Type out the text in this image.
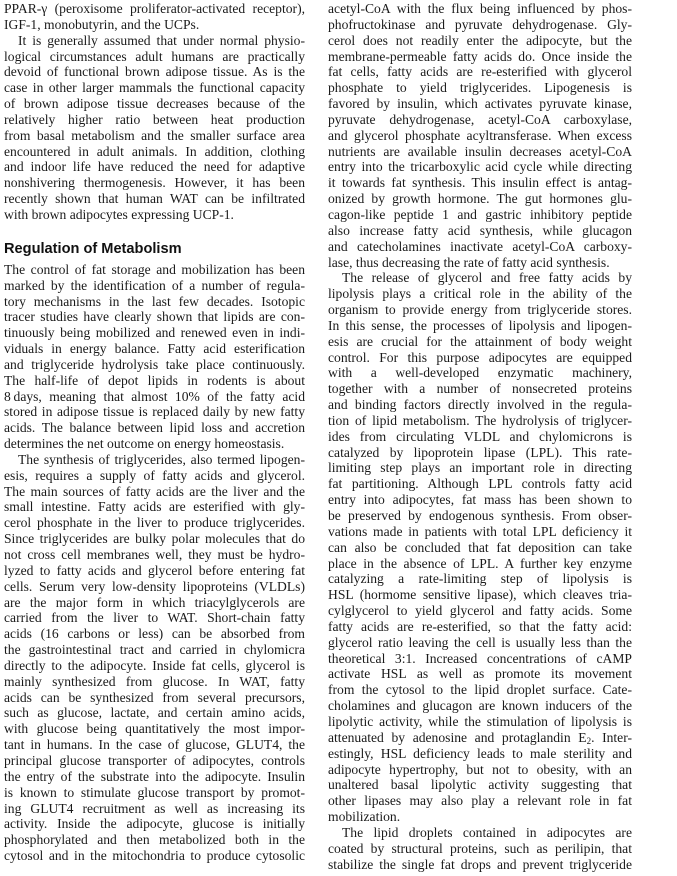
PPAR-γ (peroxisome proliferator-activated receptor),
IGF-1, monobutyrin, and the UCPs.
It is generally assumed that under normal physio-
logical circumstances adult humans are practically
devoid of functional brown adipose tissue. As is the
case in other larger mammals the functional capacity
of brown adipose tissue decreases because of the
relatively higher ratio between heat production
from basal metabolism and the smaller surface area
encountered in adult animals. In addition, clothing
and indoor life have reduced the need for adaptive
nonshivering thermogenesis. However, it has been
recently shown that human WAT can be infiltrated
with brown adipocytes expressing UCP-1.
Regulation of Metabolism
The control of fat storage and mobilization has been
marked by the identification of a number of regula-
tory mechanisms in the last few decades. Isotopic
tracer studies have clearly shown that lipids are con-
tinuously being mobilized and renewed even in indi-
viduals in energy balance. Fatty acid esterification
and triglyceride hydrolysis take place continuously.
The half-life of depot lipids in rodents is about
8 days, meaning that almost 10% of the fatty acid
stored in adipose tissue is replaced daily by new fatty
acids. The balance between lipid loss and accretion
determines the net outcome on energy homeostasis.
The synthesis of triglycerides, also termed lipogen-
esis, requires a supply of fatty acids and glycerol.
The main sources of fatty acids are the liver and the
small intestine. Fatty acids are esterified with gly-
cerol phosphate in the liver to produce triglycerides.
Since triglycerides are bulky polar molecules that do
not cross cell membranes well, they must be hydro-
lyzed to fatty acids and glycerol before entering fat
cells. Serum very low-density lipoproteins (VLDLs)
are the major form in which triacylglycerols are
carried from the liver to WAT. Short-chain fatty
acids (16 carbons or less) can be absorbed from
the gastrointestinal tract and carried in chylomicra
directly to the adipocyte. Inside fat cells, glycerol is
mainly synthesized from glucose. In WAT, fatty
acids can be synthesized from several precursors,
such as glucose, lactate, and certain amino acids,
with glucose being quantitatively the most impor-
tant in humans. In the case of glucose, GLUT4, the
principal glucose transporter of adipocytes, controls
the entry of the substrate into the adipocyte. Insulin
is known to stimulate glucose transport by promot-
ing GLUT4 recruitment as well as increasing its
activity. Inside the adipocyte, glucose is initially
phosphorylated and then metabolized both in the
cytosol and in the mitochondria to produce cytosolic
acetyl-CoA with the flux being influenced by phos-
phofructokinase and pyruvate dehydrogenase. Gly-
cerol does not readily enter the adipocyte, but the
membrane-permeable fatty acids do. Once inside the
fat cells, fatty acids are re-esterified with glycerol
phosphate to yield triglycerides. Lipogenesis is
favored by insulin, which activates pyruvate kinase,
pyruvate dehydrogenase, acetyl-CoA carboxylase,
and glycerol phosphate acyltransferase. When excess
nutrients are available insulin decreases acetyl-CoA
entry into the tricarboxylic acid cycle while directing
it towards fat synthesis. This insulin effect is antag-
onized by growth hormone. The gut hormones glu-
cagon-like peptide 1 and gastric inhibitory peptide
also increase fatty acid synthesis, while glucagon
and catecholamines inactivate acetyl-CoA carboxy-
lase, thus decreasing the rate of fatty acid synthesis.
The release of glycerol and free fatty acids by
lipolysis plays a critical role in the ability of the
organism to provide energy from triglyceride stores.
In this sense, the processes of lipolysis and lipogen-
esis are crucial for the attainment of body weight
control. For this purpose adipocytes are equipped
with a well-developed enzymatic machinery,
together with a number of nonsecreted proteins
and binding factors directly involved in the regula-
tion of lipid metabolism. The hydrolysis of triglycer-
ides from circulating VLDL and chylomicrons is
catalyzed by lipoprotein lipase (LPL). This rate-
limiting step plays an important role in directing
fat partitioning. Although LPL controls fatty acid
entry into adipocytes, fat mass has been shown to
be preserved by endogenous synthesis. From obser-
vations made in patients with total LPL deficiency it
can also be concluded that fat deposition can take
place in the absence of LPL. A further key enzyme
catalyzing a rate-limiting step of lipolysis is
HSL (hormome sensitive lipase), which cleaves tria-
cylglycerol to yield glycerol and fatty acids. Some
fatty acids are re-esterified, so that the fatty acid:
glycerol ratio leaving the cell is usually less than the
theoretical 3:1. Increased concentrations of cAMP
activate HSL as well as promote its movement
from the cytosol to the lipid droplet surface. Cate-
cholamines and glucagon are known inducers of the
lipolytic activity, while the stimulation of lipolysis is
attenuated by adenosine and protaglandin $E_2$. Inter-
estingly, HSL deficiency leads to male sterility and
adipocyte hypertrophy, but not to obesity, with an
unaltered basal lipolytic activity suggesting that
other lipases may also play a relevant role in fat
mobilization.
The lipid droplets contained in adipocytes are
coated by structural proteins, such as perilipin, that
stabilize the single fat drops and prevent triglyceride
